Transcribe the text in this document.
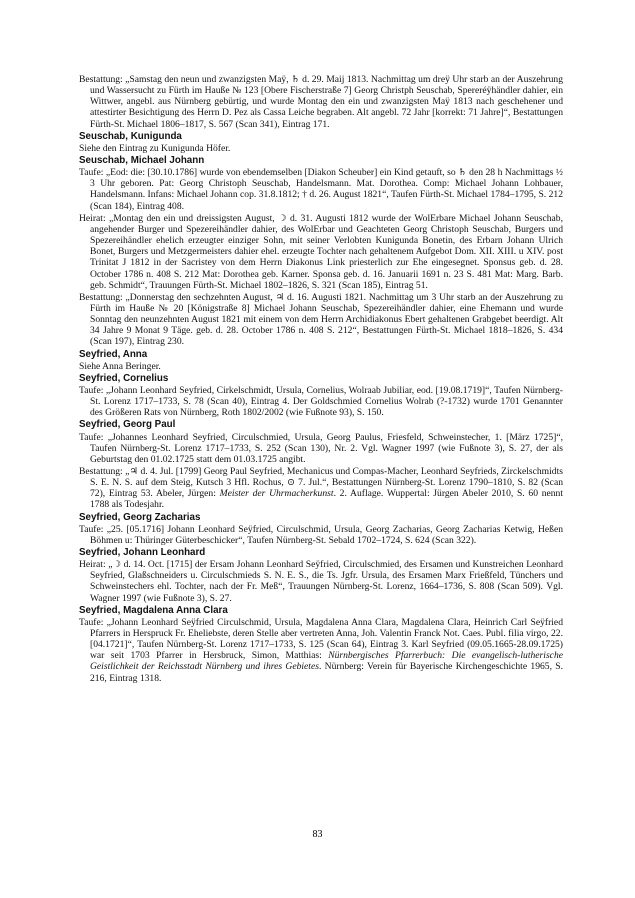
Bestattung: „Samstag den neun und zwanzigsten Maÿ, ♄ d. 29. Maij 1813. Nachmittag um dreÿ Uhr starb an der Auszehrung und Wassersucht zu Fürth im Hauße № 123 [Obere Fischerstraße 7] Georg Christph Seuschab, Spereréÿhändler dahier, ein Wittwer, angebl. aus Nürnberg gebürtig, und wurde Montag den ein und zwanzigsten Maÿ 1813 nach geschehener und attestirter Besichtigung des Herrn D. Pez als Cassa Leiche begraben. Alt angebl. 72 Jahr [korrekt: 71 Jahre]“, Bestattungen Fürth-St. Michael 1806–1817, S. 567 (Scan 341), Eintrag 171.
Seuschab, Kunigunda
Siehe den Eintrag zu Kunigunda Höfer.
Seuschab, Michael Johann
Taufe: „Eod: die: [30.10.1786] wurde von ebendemselben [Diakon Scheuber] ein Kind getauft, so ♄ den 28 h Nachmittags ½ 3 Uhr geboren. Pat: Georg Christoph Seuschab, Handelsmann. Mat. Dorothea. Comp: Michael Johann Lohbauer, Handelsmann. Infans: Michael Johann cop. 31.8.1812; † d. 26. August 1821“, Taufen Fürth-St. Michael 1784–1795, S. 212 (Scan 184), Eintrag 408.
Heirat: „Montag den ein und dreissigsten August, ☽ d. 31. Augusti 1812 wurde der WolErbare Michael Johann Seuschab, angehender Burger und Spezereihändler dahier, des WolErbar und Geachteten Georg Christoph Seuschab, Burgers und Spezereihändler ehelich erzeugter einziger Sohn, mit seiner Verlobten Kunigunda Bonetin, des Erbarn Johann Ulrich Bonet, Burgers und Metzgermeisters dahier ehel. erzeugte Tochter nach gehaltenem Aufgebot Dom. XII. XIII. u XIV. post Trinitat J 1812 in der Sacristey von dem Herrn Diakonus Link priesterlich zur Ehe eingesegnet. Sponsus geb. d. 28. October 1786 n. 408 S. 212 Mat: Dorothea geb. Karner. Sponsa geb. d. 16. Januarii 1691 n. 23 S. 481 Mat: Marg. Barb. geb. Schmidt“, Trauungen Fürth-St. Michael 1802–1826, S. 321 (Scan 185), Eintrag 51.
Bestattung: „Donnerstag den sechzehnten August, ♃ d. 16. Augusti 1821. Nachmittag um 3 Uhr starb an der Auszehrung zu Fürth im Hauße № 20 [Königstraße 8] Michael Johann Seuschab, Spezereihändler dahier, eine Ehemann und wurde Sonntag den neunzehnten August 1821 mit einem von dem Herrn Archidiakonus Ebert gehaltenen Grabgebet beerdigt. Alt 34 Jahre 9 Monat 9 Täge. geb. d. 28. October 1786 n. 408 S. 212“, Bestattungen Fürth-St. Michael 1818–1826, S. 434 (Scan 197), Eintrag 230.
Seyfried, Anna
Siehe Anna Beringer.
Seyfried, Cornelius
Taufe: „Johann Leonhard Seyfried, Cirkelschmidt, Ursula, Cornelius, Wolraab Jubiliar, eod. [19.08.1719]“, Taufen Nürnberg-St. Lorenz 1717–1733, S. 78 (Scan 40), Eintrag 4. Der Goldschmied Cornelius Wolrab (?-1732) wurde 1701 Genannter des Größeren Rats von Nürnberg, Roth 1802/2002 (wie Fußnote 93), S. 150.
Seyfried, Georg Paul
Taufe: „Johannes Leonhard Seyfried, Circulschmied, Ursula, Georg Paulus, Friesfeld, Schweinstecher, 1. [März 1725]“, Taufen Nürnberg-St. Lorenz 1717–1733, S. 252 (Scan 130), Nr. 2. Vgl. Wagner 1997 (wie Fußnote 3), S. 27, der als Geburtstag den 01.02.1725 statt dem 01.03.1725 angibt.
Bestattung: „♃ d. 4. Jul. [1799] Georg Paul Seyfried, Mechanicus und Compas-Macher, Leonhard Seyfrieds, Zirckelschmidts S. E. N. S. auf dem Steig, Kutsch 3 Hfl. Rochus, ⊙ 7. Jul.“, Bestattungen Nürnberg-St. Lorenz 1790–1810, S. 82 (Scan 72), Eintrag 53. Abeler, Jürgen: Meister der Uhrmacherkunst. 2. Auflage. Wuppertal: Jürgen Abeler 2010, S. 60 nennt 1788 als Todesjahr.
Seyfried, Georg Zacharias
Taufe: „25. [05.1716] Johann Leonhard Seÿfried, Circulschmid, Ursula, Georg Zacharias, Georg Zacharias Ketwig, Heßen Böhmen u: Thüringer Güterbeschicker“, Taufen Nürnberg-St. Sebald 1702–1724, S. 624 (Scan 322).
Seyfried, Johann Leonhard
Heirat: „☽ d. 14. Oct. [1715] der Ersam Johann Leonhard Seÿfried, Circulschmied, des Ersamen und Kunstreichen Leonhard Seyfried, Glaßschneiders u. Circulschmieds S. N. E. S., die Ts. Jgfr. Ursula, des Ersamen Marx Frießfeld, Tünchers und Schweinstechers ehl. Tochter, nach der Fr. Meß“, Trauungen Nürnberg-St. Lorenz, 1664–1736, S. 808 (Scan 509). Vgl. Wagner 1997 (wie Fußnote 3), S. 27.
Seyfried, Magdalena Anna Clara
Taufe: „Johann Leonhard Seÿfried Circulschmid, Ursula, Magdalena Anna Clara, Magdalena Clara, Heinrich Carl Seÿfried Pfarrers in Herspruck Fr. Eheliebste, deren Stelle aber vertreten Anna, Joh. Valentin Franck Not. Caes. Publ. filia virgo, 22.[04.1721]“, Taufen Nürnberg-St. Lorenz 1717–1733, S. 125 (Scan 64), Eintrag 3. Karl Seyfried (09.05.1665-28.09.1725) war seit 1703 Pfarrer in Hersbruck, Simon, Matthias: Nürnbergisches Pfarrerbuch: Die evangelisch-lutherische Geistlichkeit der Reichsstadt Nürnberg und ihres Gebietes. Nürnberg: Verein für Bayerische Kirchengeschichte 1965, S. 216, Eintrag 1318.
83
